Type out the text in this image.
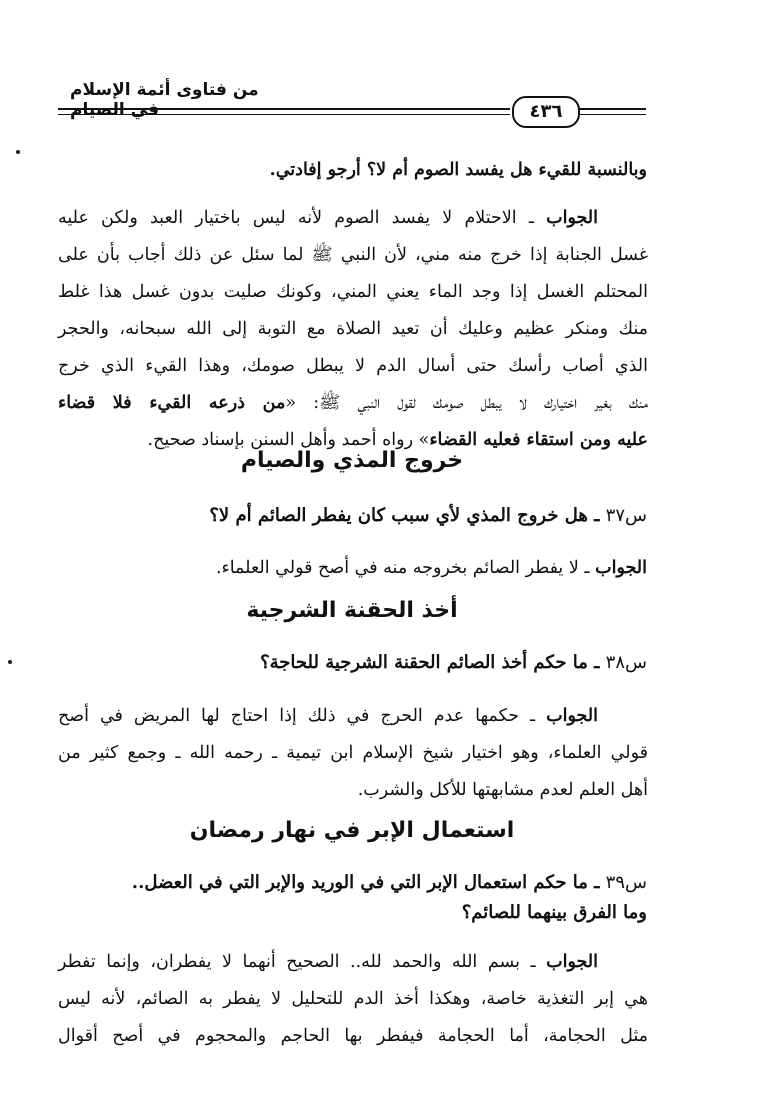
من فتاوى أئمة الإسلام في الصيام	٤٣٦
وبالنسبة للقيء هل يفسد الصوم أم لا؟ أرجو إفادتي.
الجواب ـ الاحتلام لا يفسد الصوم لأنه ليس باختيار العبد ولكن عليه
غسل الجنابة إذا خرج منه مني، لأن النبي ﷺ لما سئل عن ذلك أجاب بأن على
المحتلم الغسل إذا وجد الماء يعني المني، وكونك صليت بدون غسل هذا غلط
منك ومنكر عظيم وعليك أن تعيد الصلاة مع التوبة إلى الله سبحانه، والحجر
الذي أصاب رأسك حتى أسال الدم لا يبطل صومك، وهذا القيء الذي خرج
منك بغير اختيارك لا يبطل صومك لقول النبي ﷺ: «من ذرعه القيء فلا قضاء
عليه ومن استقاء فعليه القضاء» رواه أحمد وأهل السنن بإسناد صحيح.
خروج المذي والصيام
س٣٧ ـ هل خروج المذي لأي سبب كان يفطر الصائم أم لا؟
الجواب ـ لا يفطر الصائم بخروجه منه في أصح قولي العلماء.
أخذ الحقنة الشرجية
س٣٨ ـ ما حكم أخذ الصائم الحقنة الشرجية للحاجة؟
الجواب ـ حكمها عدم الحرج في ذلك إذا احتاج لها المريض في أصح
قولي العلماء، وهو اختيار شيخ الإسلام ابن تيمية ـ رحمه الله ـ وجمع كثير من
أهل العلم لعدم مشابهتها للأكل والشرب.
استعمال الإبر في نهار رمضان
س٣٩ ـ ما حكم استعمال الإبر التي في الوريد والإبر التي في العضل..
وما الفرق بينهما للصائم؟
الجواب ـ بسم الله والحمد لله.. الصحيح أنهما لا يفطران، وإنما تفطر
هي إبر التغذية خاصة، وهكذا أخذ الدم للتحليل لا يفطر به الصائم، لأنه ليس
مثل الحجامة، أما الحجامة فيفطر بها الحاجم والمحجوم في أصح أقوال
